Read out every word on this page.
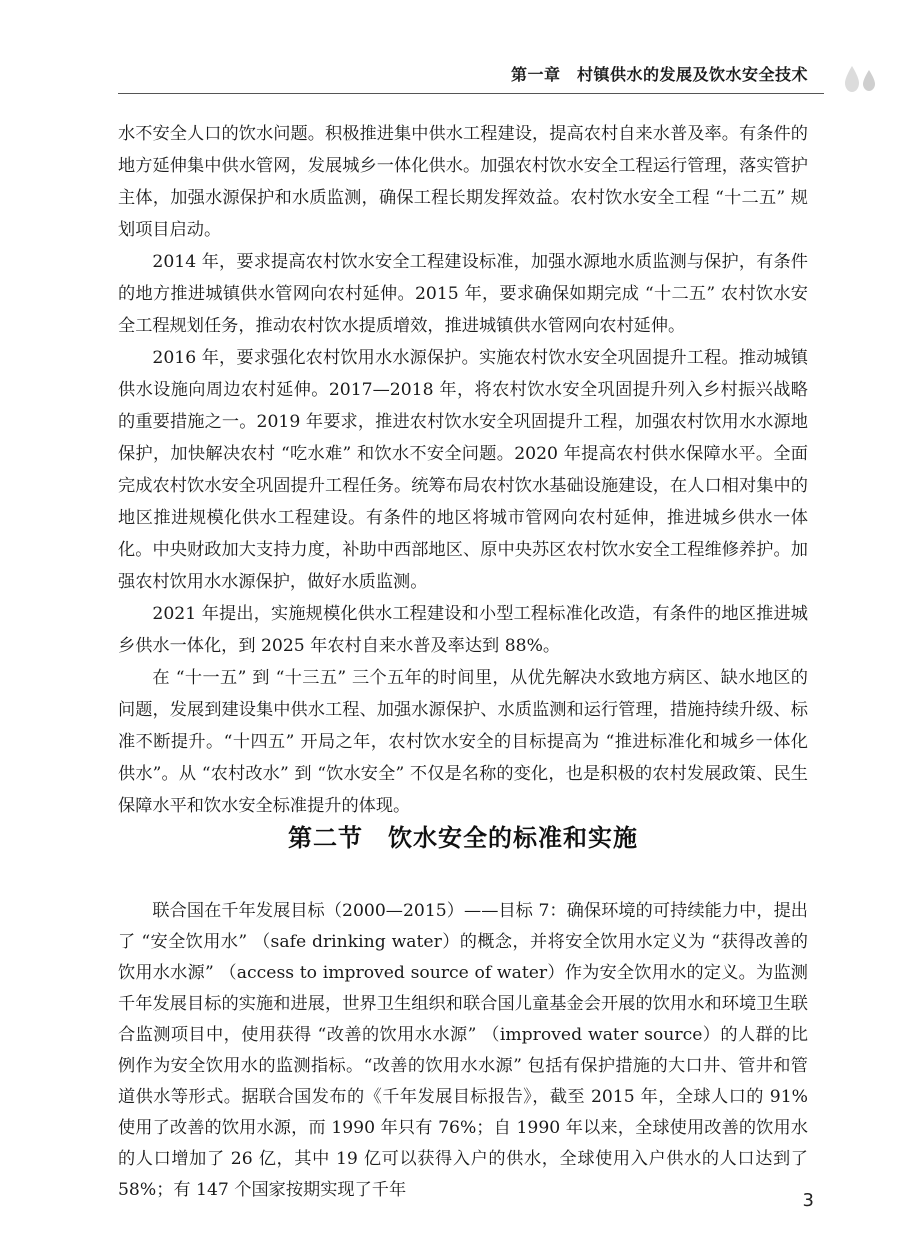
第一章　村镇供水的发展及饮水安全技术

水不安全人口的饮水问题。积极推进集中供水工程建设，提高农村自来水普及率。有条件的地方延伸集中供水管网，发展城乡一体化供水。加强农村饮水安全工程运行管理，落实管护主体，加强水源保护和水质监测，确保工程长期发挥效益。农村饮水安全工程 “十二五” 规划项目启动。

2014 年，要求提高农村饮水安全工程建设标准，加强水源地水质监测与保护，有条件的地方推进城镇供水管网向农村延伸。2015 年，要求确保如期完成 “十二五” 农村饮水安全工程规划任务，推动农村饮水提质增效，推进城镇供水管网向农村延伸。

2016 年，要求强化农村饮用水水源保护。实施农村饮水安全巩固提升工程。推动城镇供水设施向周边农村延伸。2017—2018 年，将农村饮水安全巩固提升列入乡村振兴战略的重要措施之一。2019 年要求，推进农村饮水安全巩固提升工程，加强农村饮用水水源地保护，加快解决农村 “吃水难” 和饮水不安全问题。2020 年提高农村供水保障水平。全面完成农村饮水安全巩固提升工程任务。统筹布局农村饮水基础设施建设，在人口相对集中的地区推进规模化供水工程建设。有条件的地区将城市管网向农村延伸，推进城乡供水一体化。中央财政加大支持力度，补助中西部地区、原中央苏区农村饮水安全工程维修养护。加强农村饮用水水源保护，做好水质监测。

2021 年提出，实施规模化供水工程建设和小型工程标准化改造，有条件的地区推进城乡供水一体化，到 2025 年农村自来水普及率达到 88%。

在 “十一五” 到 “十三五” 三个五年的时间里，从优先解决水致地方病区、缺水地区的问题，发展到建设集中供水工程、加强水源保护、水质监测和运行管理，措施持续升级、标准不断提升。“十四五” 开局之年，农村饮水安全的目标提高为 “推进标准化和城乡一体化供水”。从 “农村改水” 到 “饮水安全” 不仅是名称的变化，也是积极的农村发展政策、民生保障水平和饮水安全标准提升的体现。

第二节　饮水安全的标准和实施

联合国在千年发展目标（2000—2015）——目标 7：确保环境的可持续能力中，提出了 “安全饮用水” （safe drinking water）的概念，并将安全饮用水定义为 “获得改善的饮用水水源” （access to improved source of water）作为安全饮用水的定义。为监测千年发展目标的实施和进展，世界卫生组织和联合国儿童基金会开展的饮用水和环境卫生联合监测项目中，使用获得 “改善的饮用水水源” （improved water source）的人群的比例作为安全饮用水的监测指标。“改善的饮用水水源” 包括有保护措施的大口井、管井和管道供水等形式。据联合国发布的《千年发展目标报告》，截至 2015 年，全球人口的 91% 使用了改善的饮用水源，而 1990 年只有 76%；自 1990 年以来，全球使用改善的饮用水的人口增加了 26 亿，其中 19 亿可以获得入户的供水，全球使用入户供水的人口达到了 58%；有 147 个国家按期实现了千年	3
